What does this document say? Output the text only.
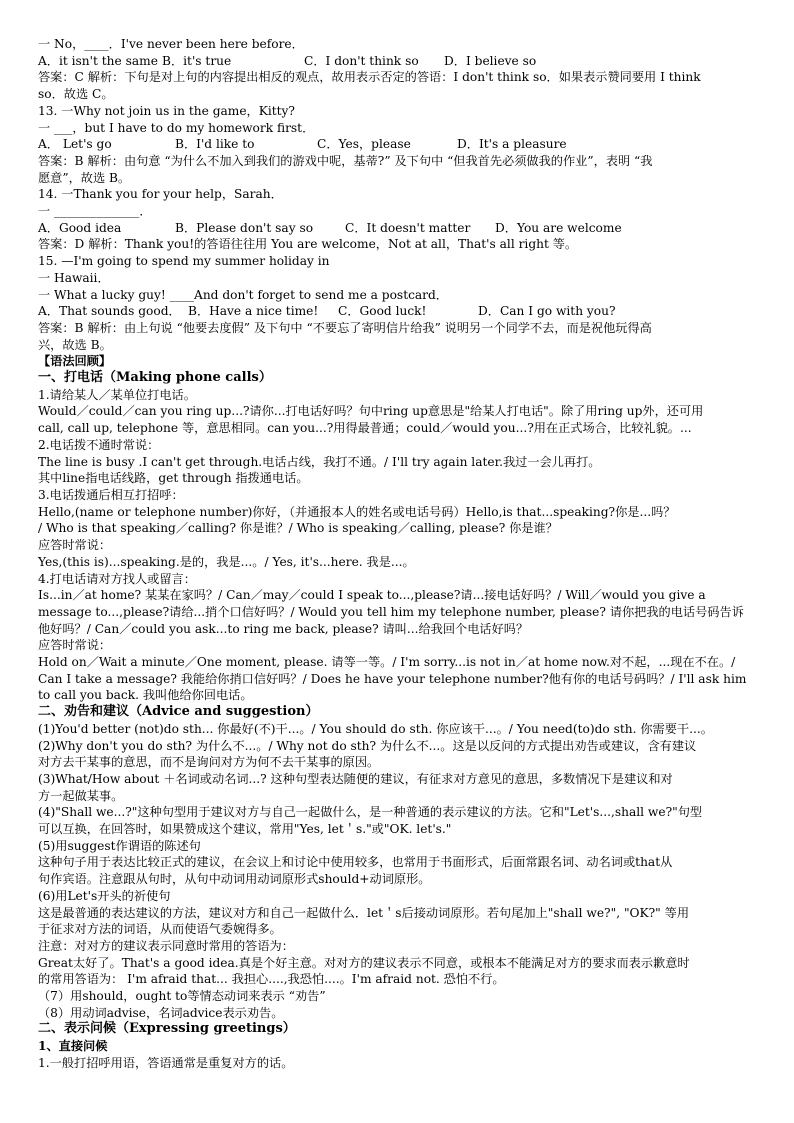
一 No，____．I've never been here before．
A．it isn't the same B．it's true	C．I don't think so D．I believe so
答案：C 解析：下句是对上句的内容提出相反的观点，故用表示否定的答语：I don't think so．如果表示赞同要用 I think
so．故选 C。
13. 一Why not join us in the game，Kitty?
一 ___，but I have to do my homework first．
A． Let's go	B．I'd like to	C．Yes，please	D．It's a pleasure
答案：B 解析：由句意 “为什么不加入到我们的游戏中呢，基蒂?” 及下句中 “但我首先必须做我的作业”，表明 “我
愿意”，故选 B。
14. 一Thank you for your help，Sarah．
一 ______________．
A．Good idea	B．Please don't say so	C．It doesn't matter D．You are welcome
答案：D 解析：Thank you!的答语往往用 You are welcome，Not at all，That's all right 等。
15. —I'm going to spend my summer holiday in
一 Hawaii．
一 What a lucky guy! ____And don't forget to send me a postcard．
A．That sounds good． B．Have a nice time! C．Good luck!	D．Can I go with you?
答案：B 解析：由上句说 “他要去度假” 及下句中 “不要忘了寄明信片给我” 说明另一个同学不去，而是祝他玩得高
兴，故选 B。
【语法回顾】
一、打电话（Making phone calls）
1.请给某人／某单位打电话。
Would／could／can you ring up...?请你...打电话好吗？句中ring up意思是"给某人打电话"。除了用ring up外，还可用
call, call up, telephone 等，意思相同。can you...?用得最普通；could／would you...?用在正式场合，比较礼貌。...
2.电话拨不通时常说：
The line is busy .I can't get through.电话占线，我打不通。/ I'll try again later.我过一会儿再打。
其中line指电话线路，get through 指拨通电话。
3.电话拨通后相互打招呼：
Hello,(name or telephone number)你好，（并通报本人的姓名或电话号码）Hello,is that...speaking?你是...吗？
/ Who is that speaking／calling? 你是谁？/ Who is speaking／calling, please? 你是谁？
应答时常说：
Yes,(this is)...speaking.是的，我是...。/ Yes, it's...here. 我是...。
4.打电话请对方找人或留言：
Is...in／at home? 某某在家吗？/ Can／may／could I speak to...,please?请...接电话好吗？/ Will／would you give a
message to...,please?请给...捎个口信好吗？/ Would you tell him my telephone number, please? 请你把我的电话号码告诉
他好吗？/ Can／could you ask...to ring me back, please? 请叫...给我回个电话好吗？
应答时常说：
Hold on／Wait a minute／One moment, please. 请等一等。/ I'm sorry...is not in／at home now.对不起，...现在不在。/
Can I take a message? 我能给你捎口信好吗？/ Does he have your telephone number?他有你的电话号码吗？/ I'll ask him
to call you back. 我叫他给你回电话。
二、劝告和建议（Advice and suggestion）
(1)You'd better (not)do sth... 你最好(不)干...。/ You should do sth. 你应该干...。/ You need(to)do sth. 你需要干...。
(2)Why don't you do sth? 为什么不...。/ Why not do sth? 为什么不...。这是以反问的方式提出劝告或建议，含有建议
对方去干某事的意思，而不是询问对方为何不去干某事的原因。
(3)What/How about ＋名词或动名词...? 这种句型表达随便的建议，有征求对方意见的意思，多数情况下是建议和对
方一起做某事。
(4)"Shall we...?"这种句型用于建议对方与自己一起做什么，是一种普通的表示建议的方法。它和"Let's...,shall we?"句型
可以互换，在回答时，如果赞成这个建议，常用"Yes, let＇s."或"OK. let's."
(5)用suggest作谓语的陈述句
这种句子用于表达比较正式的建议，在会议上和讨论中使用较多，也常用于书面形式，后面常跟名词、动名词或that从
句作宾语。注意跟从句时，从句中动词用动词原形式should+动词原形。
(6)用Let's开头的祈使句
这是最普通的表达建议的方法，建议对方和自己一起做什么．let＇s后接动词原形。若句尾加上"shall we?", "OK?" 等用
于征求对方法的词语，从而使语气委婉得多。
注意：对对方的建议表示同意时常用的答语为：
Great太好了。That's a good idea.真是个好主意。对对方的建议表示不同意，或根本不能满足对方的要求而表示歉意时
的常用答语为： I'm afraid that... 我担心....,我恐怕....。I'm afraid not. 恐怕不行。
（7）用should，ought to等情态动词来表示 “劝告”
（8）用动词advise，名词advice表示劝告。
二、表示问候（Expressing greetings）
1、直接问候
1.一般打招呼用语，答语通常是重复对方的话。
